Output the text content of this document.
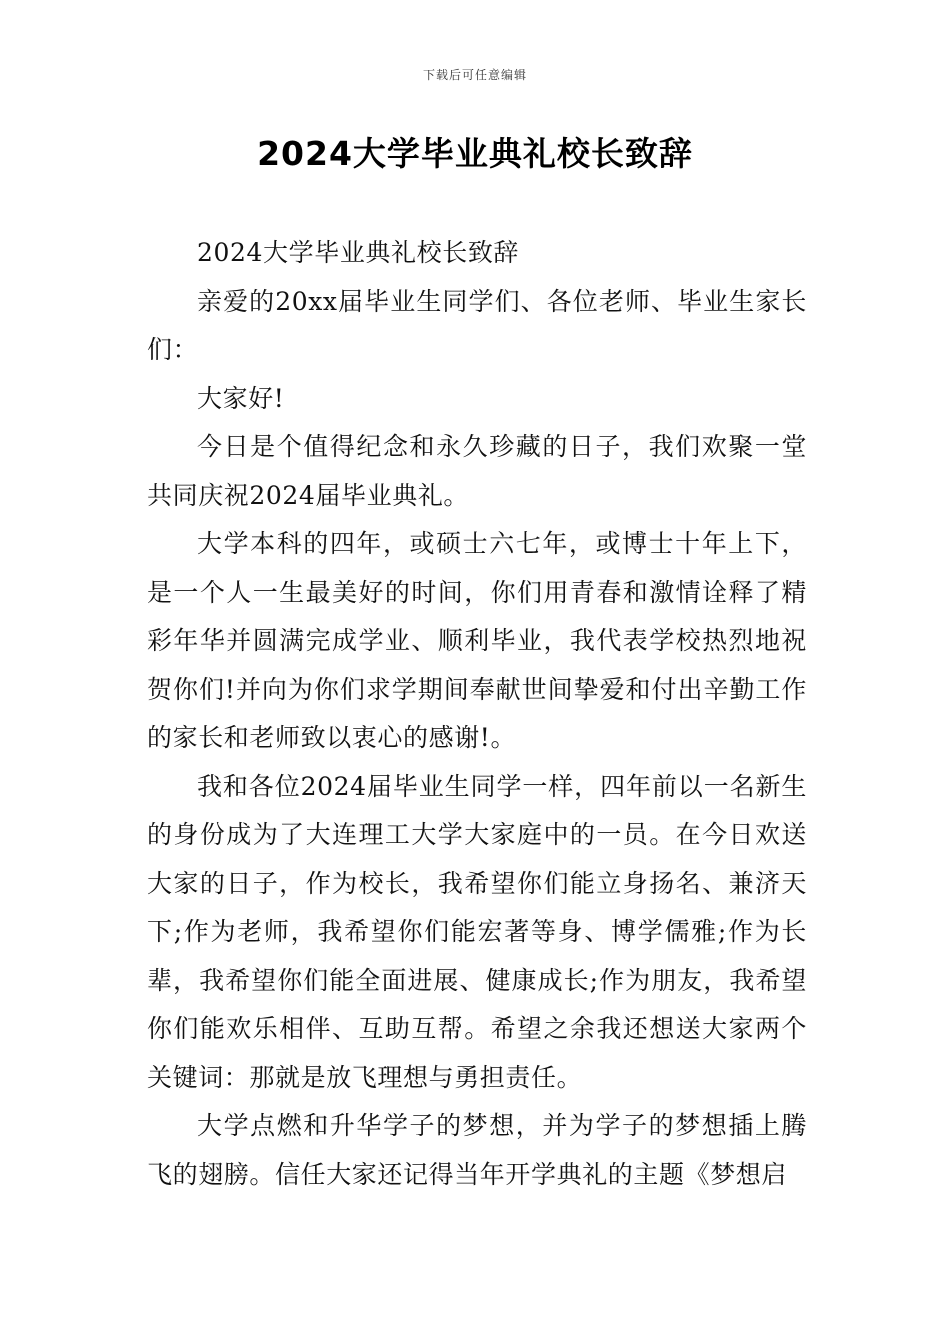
下载后可任意编辑
2024大学毕业典礼校长致辞

2024大学毕业典礼校长致辞

亲爱的20xx届毕业生同学们、各位老师、毕业生家长们：

大家好!

今日是个值得纪念和永久珍藏的日子，我们欢聚一堂共同庆祝2024届毕业典礼。

大学本科的四年，或硕士六七年，或博士十年上下，是一个人一生最美好的时间，你们用青春和激情诠释了精彩年华并圆满完成学业、顺利毕业，我代表学校热烈地祝贺你们!并向为你们求学期间奉献世间挚爱和付出辛勤工作的家长和老师致以衷心的感谢!。

我和各位2024届毕业生同学一样，四年前以一名新生的身份成为了大连理工大学大家庭中的一员。在今日欢送大家的日子，作为校长，我希望你们能立身扬名、兼济天下;作为老师，我希望你们能宏著等身、博学儒雅;作为长辈，我希望你们能全面进展、健康成长;作为朋友，我希望你们能欢乐相伴、互助互帮。希望之余我还想送大家两个关键词：那就是放飞理想与勇担责任。

大学点燃和升华学子的梦想，并为学子的梦想插上腾飞的翅膀。信任大家还记得当年开学典礼的主题《梦想启
